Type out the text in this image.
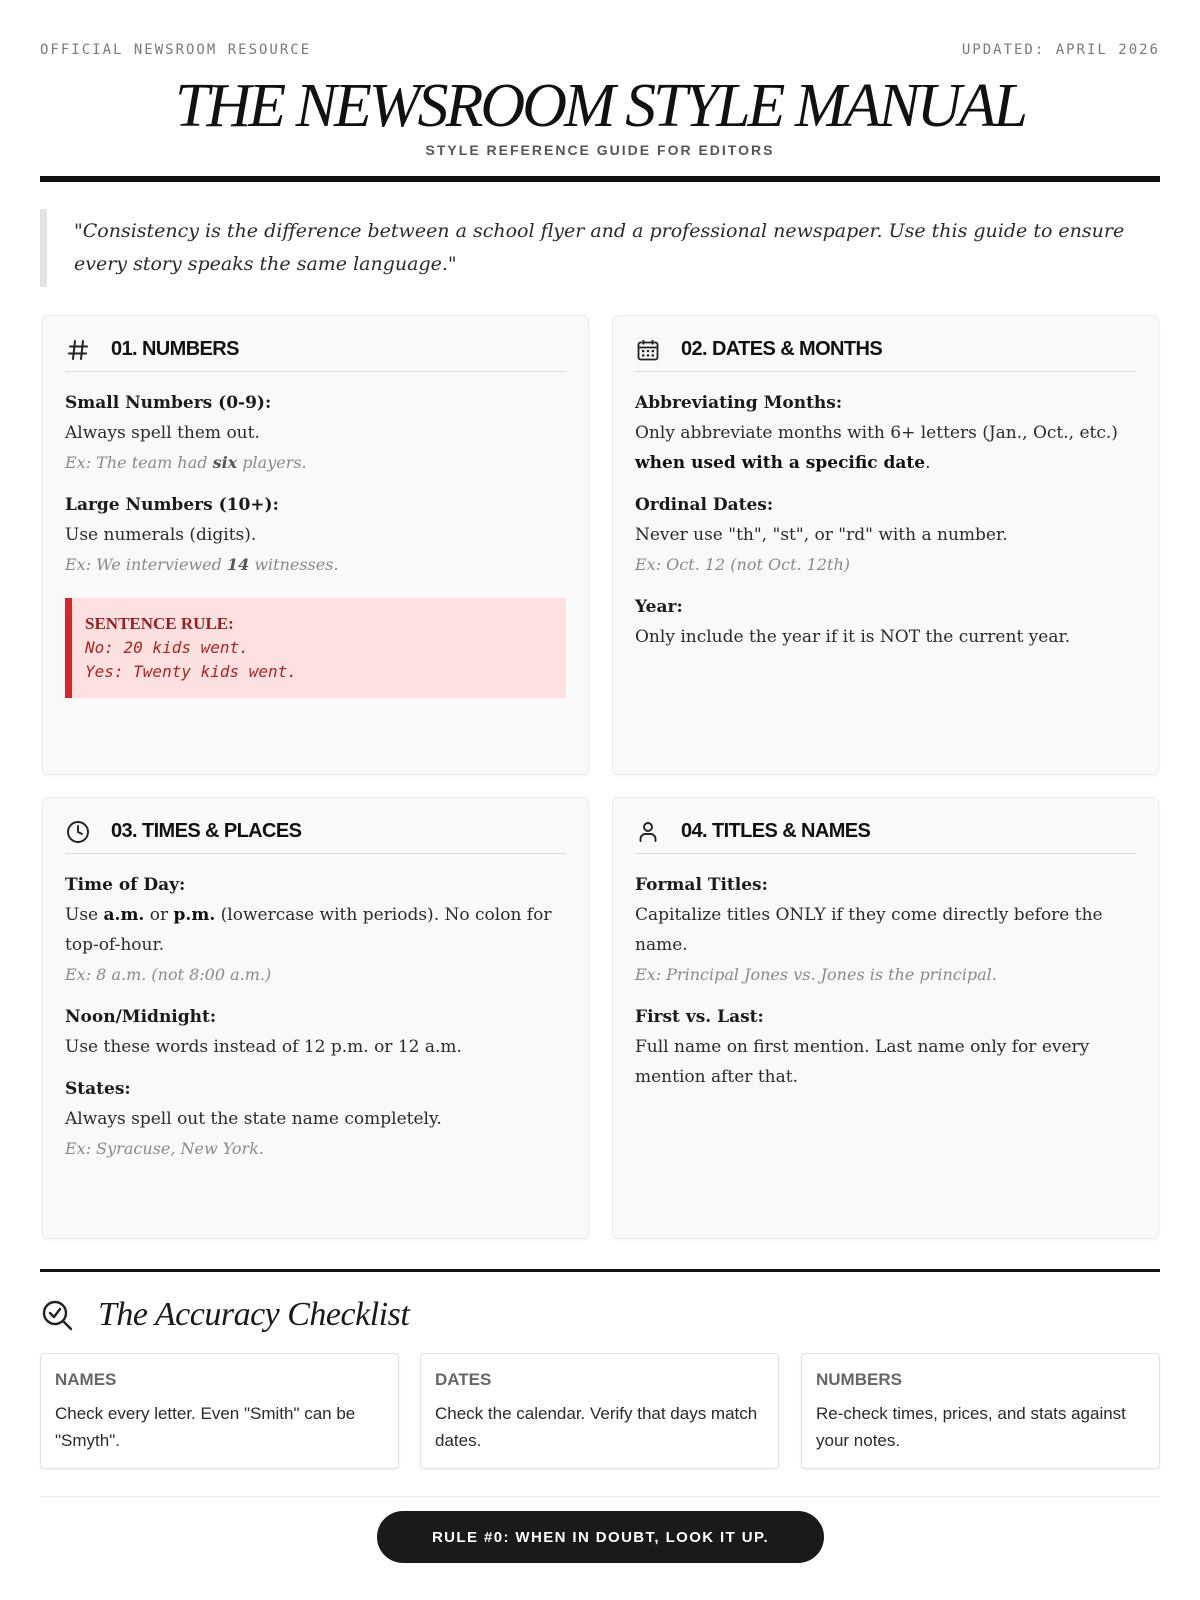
OFFICIAL NEWSROOM RESOURCE	UPDATED: APRIL 2026
THE NEWSROOM STYLE MANUAL
STYLE REFERENCE GUIDE FOR EDITORS
"Consistency is the difference between a school flyer and a professional newspaper. Use this guide to ensure every story speaks the same language."
01. NUMBERS
Small Numbers (0-9):
Always spell them out.
Ex: The team had six players.
Large Numbers (10+):
Use numerals (digits).
Ex: We interviewed 14 witnesses.
SENTENCE RULE:
No: 20 kids went.
Yes: Twenty kids went.
02. DATES & MONTHS
Abbreviating Months:
Only abbreviate months with 6+ letters (Jan., Oct., etc.) when used with a specific date.
Ordinal Dates:
Never use "th", "st", or "rd" with a number.
Ex: Oct. 12 (not Oct. 12th)
Year:
Only include the year if it is NOT the current year.
03. TIMES & PLACES
Time of Day:
Use a.m. or p.m. (lowercase with periods). No colon for top-of-hour.
Ex: 8 a.m. (not 8:00 a.m.)
Noon/Midnight:
Use these words instead of 12 p.m. or 12 a.m.
States:
Always spell out the state name completely.
Ex: Syracuse, New York.
04. TITLES & NAMES
Formal Titles:
Capitalize titles ONLY if they come directly before the name.
Ex: Principal Jones vs. Jones is the principal.
First vs. Last:
Full name on first mention. Last name only for every mention after that.
The Accuracy Checklist
NAMES
Check every letter. Even "Smith" can be "Smyth".
DATES
Check the calendar. Verify that days match dates.
NUMBERS
Re-check times, prices, and stats against your notes.
RULE #0: WHEN IN DOUBT, LOOK IT UP.
